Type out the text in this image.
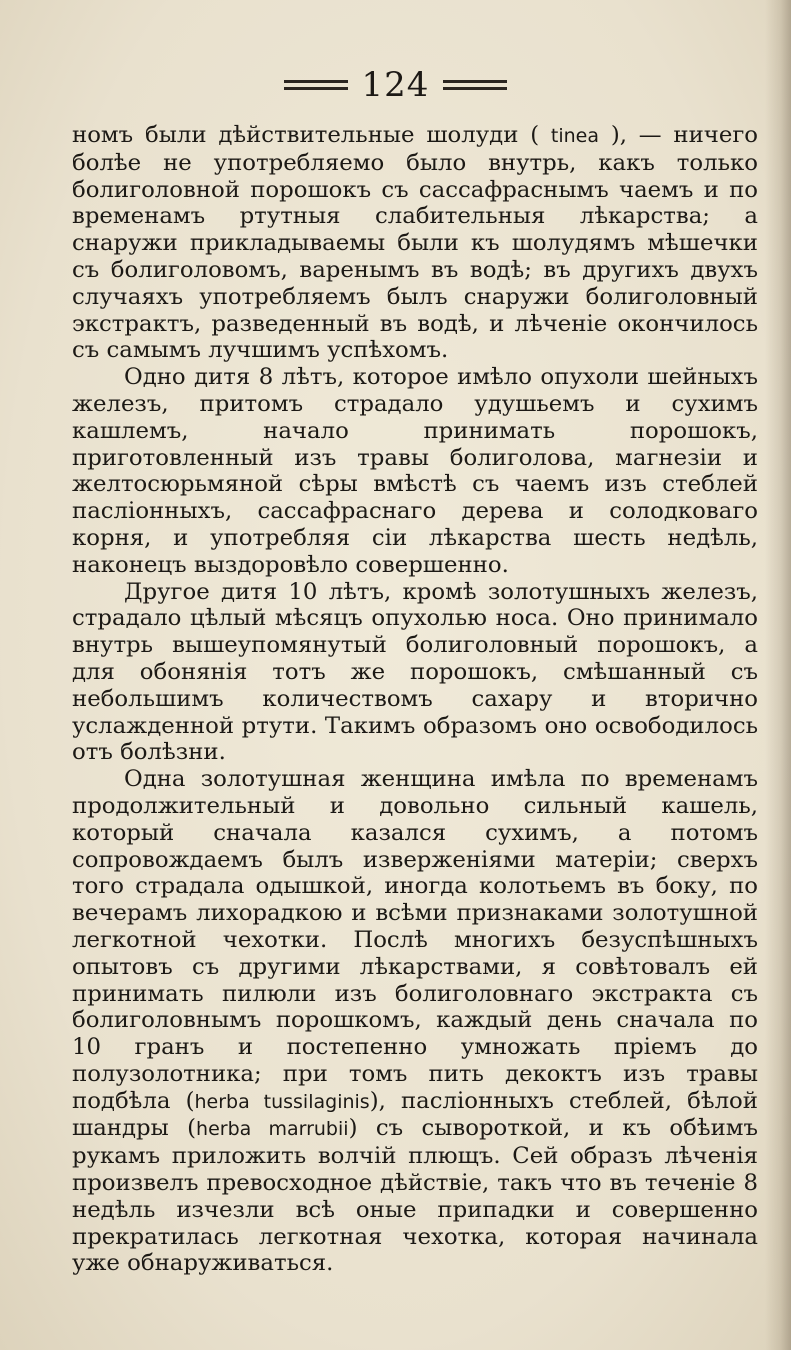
124

номъ были дѣйствительные шолуди ( tinea ), — ничего болѣе не употребляемо было внутрь, какъ только болиголовной порошокъ съ сассафраснымъ чаемъ и по временамъ ртутныя слабительныя лѣкарства; а снаружи прикладываемы были къ шолудямъ мѣшечки съ болиголовомъ, варенымъ въ водѣ; въ другихъ двухъ случаяхъ употребляемъ былъ снаружи болиголовный экстрактъ, разведенный въ водѣ, и лѣченіе окончилось съ самымъ лучшимъ успѣхомъ.

Одно дитя 8 лѣтъ, которое имѣло опухоли шейныхъ железъ, притомъ страдало удушьемъ и сухимъ кашлемъ, начало принимать порошокъ, приготовленный изъ травы болиголова, магнезіи и желтосюрьмяной сѣры вмѣстѣ съ чаемъ изъ стеблей пасліонныхъ, сассафраснаго дерева и солодковаго корня, и употребляя сіи лѣкарства шесть недѣль, наконецъ выздоровѣло совершенно.

Другое дитя 10 лѣтъ, кромѣ золотушныхъ железъ, страдало цѣлый мѣсяцъ опухолью носа. Оно принимало внутрь вышеупомянутый болиголовный порошокъ, а для обонянія тотъ же порошокъ, смѣшанный съ небольшимъ количествомъ сахару и вторично услажденной ртути. Такимъ образомъ оно освободилось отъ болѣзни.

Одна золотушная женщина имѣла по временамъ продолжительный и довольно сильный кашель, который сначала казался сухимъ, а потомъ сопровождаемъ былъ изверженіями матеріи; сверхъ того страдала одышкой, иногда колотьемъ въ боку, по вечерамъ лихорадкою и всѣми признаками золотушной легкотной чехотки. Послѣ многихъ безуспѣшныхъ опытовъ съ другими лѣкарствами, я совѣтовалъ ей принимать пилюли изъ болиголовнаго экстракта съ болиголовнымъ порошкомъ, каждый день сначала по 10 гранъ и постепенно умножать пріемъ до полузолотника; при томъ пить декоктъ изъ травы подбѣла (herba tussilaginis), пасліонныхъ стеблей, бѣлой шандры (herba marrubii) съ сывороткой, и къ обѣимъ рукамъ приложить волчій плющъ. Сей образъ лѣченія произвелъ превосходное дѣйствіе, такъ что въ теченіе 8 недѣль изчезли всѣ оные припадки и совершенно прекратилась легкотная чехотка, которая начинала уже обнаруживаться.
